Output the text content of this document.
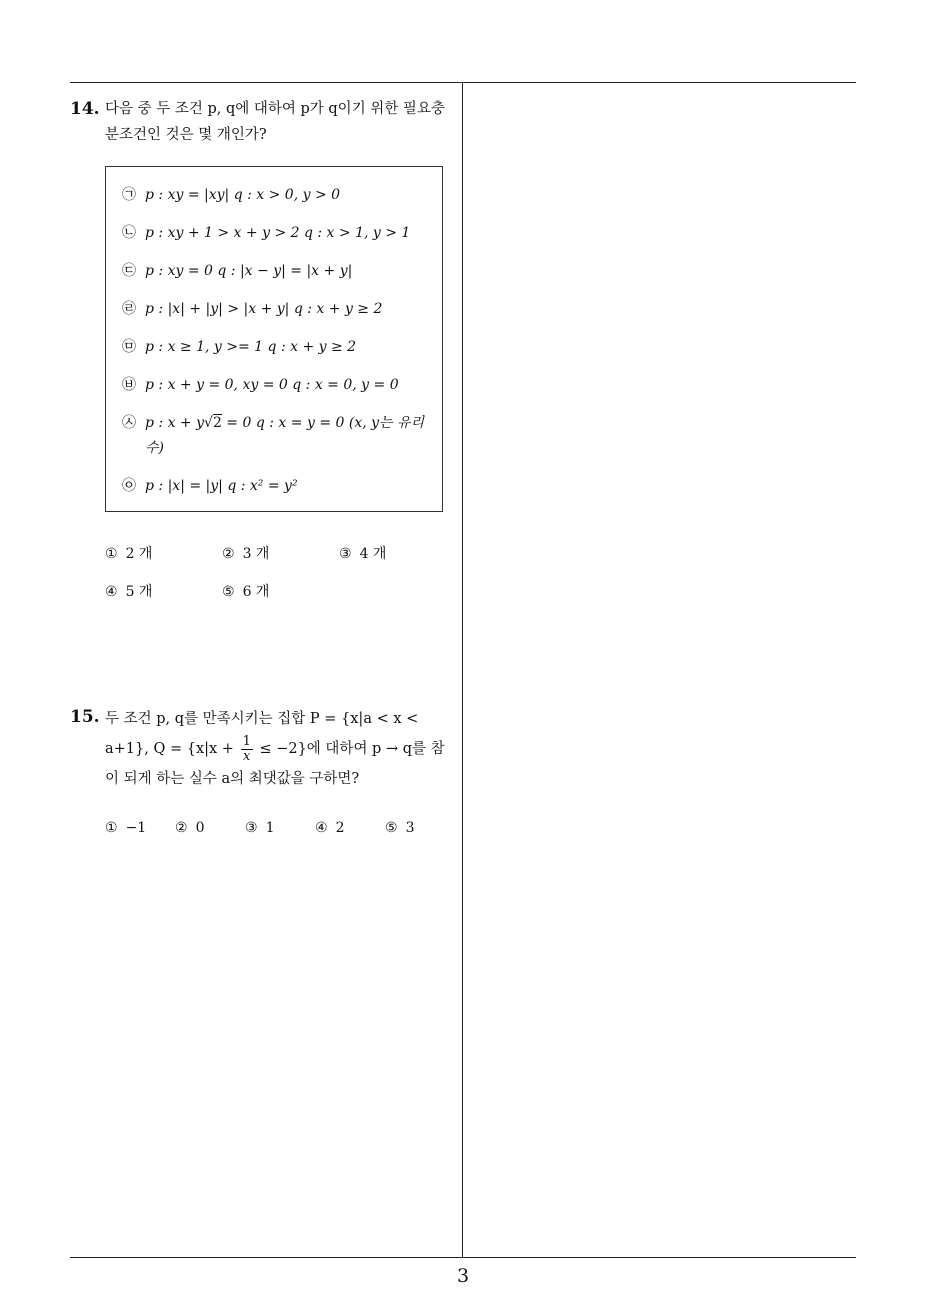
14. 다음 중 두 조건 p, q에 대하여 p가 q이기 위한 필요충분조건인 것은 몇 개인가?
㉠ p : xy = |xy| q : x > 0, y > 0
㉡ p : xy + 1 > x + y > 2 q : x > 1, y > 1
㉢ p : xy = 0 q : |x − y| = |x + y|
㉣ p : |x| + |y| > |x + y| q : x + y ≥ 2
㉤ p : x ≥ 1, y >= 1 q : x + y ≥ 2
㉥ p : x + y = 0, xy = 0 q : x = 0, y = 0
㉦ p : x + y√2 = 0 q : x = y = 0 (x, y는 유리수)
㉧ p : |x| = |y| q : x² = y²
① 2 개	② 3 개	③ 4 개
④ 5 개	⑤ 6 개
15. 두 조건 p, q를 만족시키는 집합 P = {x|a < x < a+1}, $Q = \{x|x + \frac{1}{x} \le -2\}$에 대하여 p → q를 참이 되게 하는 실수 a의 최댓값을 구하면?
① −1	② 0	③ 1	④ 2	⑤ 3
3
